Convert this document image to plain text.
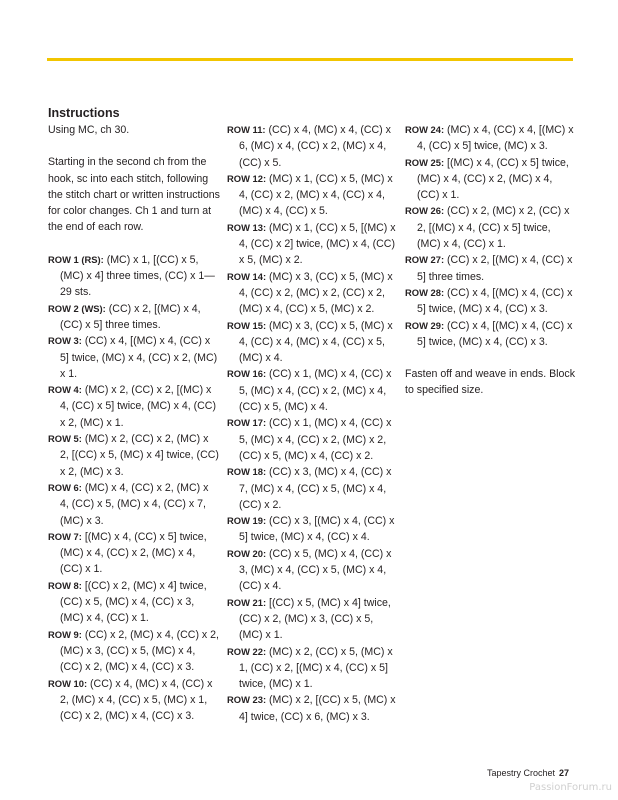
Instructions

Using MC, ch 30.

Starting in the second ch from the hook, sc into each stitch, following the stitch chart or written instructions for color changes. Ch 1 and turn at the end of each row.

ROW 1 (RS): (MC) x 1, [(CC) x 5, (MC) x 4] three times, (CC) x 1—29 sts.

ROW 2 (WS): (CC) x 2, [(MC) x 4, (CC) x 5] three times.

ROW 3: (CC) x 4, [(MC) x 4, (CC) x 5] twice, (MC) x 4, (CC) x 2, (MC) x 1.

ROW 4: (MC) x 2, (CC) x 2, [(MC) x 4, (CC) x 5] twice, (MC) x 4, (CC) x 2, (MC) x 1.

ROW 5: (MC) x 2, (CC) x 2, (MC) x 2, [(CC) x 5, (MC) x 4] twice, (CC) x 2, (MC) x 3.

ROW 6: (MC) x 4, (CC) x 2, (MC) x 4, (CC) x 5, (MC) x 4, (CC) x 7, (MC) x 3.

ROW 7: [(MC) x 4, (CC) x 5] twice, (MC) x 4, (CC) x 2, (MC) x 4, (CC) x 1.

ROW 8: [(CC) x 2, (MC) x 4] twice, (CC) x 5, (MC) x 4, (CC) x 3, (MC) x 4, (CC) x 1.

ROW 9: (CC) x 2, (MC) x 4, (CC) x 2, (MC) x 3, (CC) x 5, (MC) x 4, (CC) x 2, (MC) x 4, (CC) x 3.

ROW 10: (CC) x 4, (MC) x 4, (CC) x 2, (MC) x 4, (CC) x 5, (MC) x 1, (CC) x 2, (MC) x 4, (CC) x 3.

ROW 11: (CC) x 4, (MC) x 4, (CC) x 6, (MC) x 4, (CC) x 2, (MC) x 4, (CC) x 5.

ROW 12: (MC) x 1, (CC) x 5, (MC) x 4, (CC) x 2, (MC) x 4, (CC) x 4, (MC) x 4, (CC) x 5.

ROW 13: (MC) x 1, (CC) x 5, [(MC) x 4, (CC) x 2] twice, (MC) x 4, (CC) x 5, (MC) x 2.

ROW 14: (MC) x 3, (CC) x 5, (MC) x 4, (CC) x 2, (MC) x 2, (CC) x 2, (MC) x 4, (CC) x 5, (MC) x 2.

ROW 15: (MC) x 3, (CC) x 5, (MC) x 4, (CC) x 4, (MC) x 4, (CC) x 5, (MC) x 4.

ROW 16: (CC) x 1, (MC) x 4, (CC) x 5, (MC) x 4, (CC) x 2, (MC) x 4, (CC) x 5, (MC) x 4.

ROW 17: (CC) x 1, (MC) x 4, (CC) x 5, (MC) x 4, (CC) x 2, (MC) x 2, (CC) x 5, (MC) x 4, (CC) x 2.

ROW 18: (CC) x 3, (MC) x 4, (CC) x 7, (MC) x 4, (CC) x 5, (MC) x 4, (CC) x 2.

ROW 19: (CC) x 3, [(MC) x 4, (CC) x 5] twice, (MC) x 4, (CC) x 4.

ROW 20: (CC) x 5, (MC) x 4, (CC) x 3, (MC) x 4, (CC) x 5, (MC) x 4, (CC) x 4.

ROW 21: [(CC) x 5, (MC) x 4] twice, (CC) x 2, (MC) x 3, (CC) x 5, (MC) x 1.

ROW 22: (MC) x 2, (CC) x 5, (MC) x 1, (CC) x 2, [(MC) x 4, (CC) x 5] twice, (MC) x 1.

ROW 23: (MC) x 2, [(CC) x 5, (MC) x 4] twice, (CC) x 6, (MC) x 3.

ROW 24: (MC) x 4, (CC) x 4, [(MC) x 4, (CC) x 5] twice, (MC) x 3.

ROW 25: [(MC) x 4, (CC) x 5] twice, (MC) x 4, (CC) x 2, (MC) x 4, (CC) x 1.

ROW 26: (CC) x 2, (MC) x 2, (CC) x 2, [(MC) x 4, (CC) x 5] twice, (MC) x 4, (CC) x 1.

ROW 27: (CC) x 2, [(MC) x 4, (CC) x 5] three times.

ROW 28: (CC) x 4, [(MC) x 4, (CC) x 5] twice, (MC) x 4, (CC) x 3.

ROW 29: (CC) x 4, [(MC) x 4, (CC) x 5] twice, (MC) x 4, (CC) x 3.

Fasten off and weave in ends. Block to specified size.

Tapestry Crochet 27
PassionForum.ru
